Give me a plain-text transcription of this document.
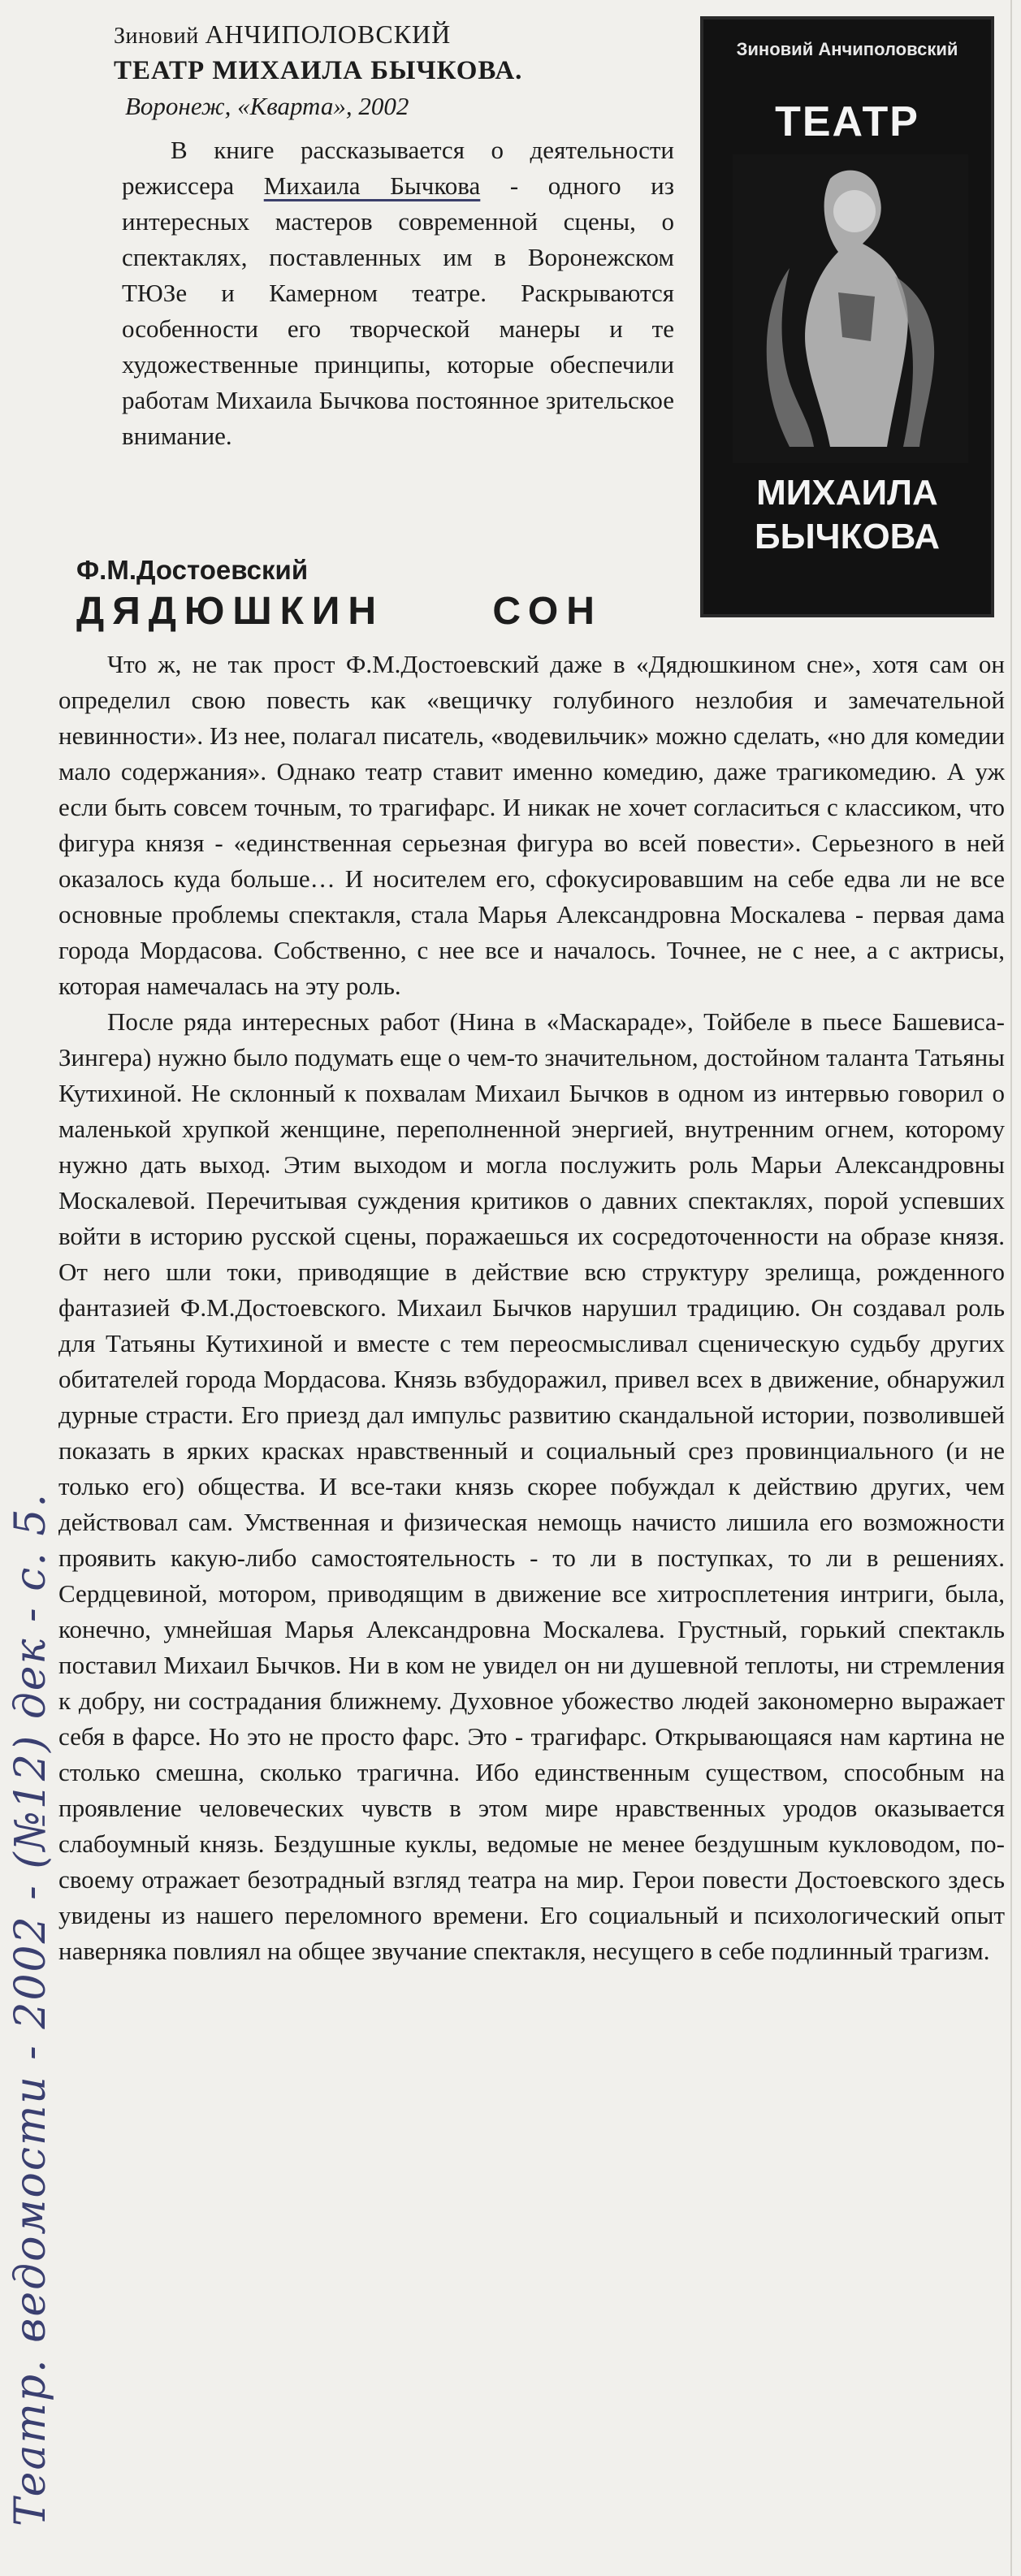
Зиновий АНЧИПОЛОВСКИЙ
ТЕАТР МИХАИЛА БЫЧКОВА.
Воронеж, «Кварта», 2002

В книге рассказывается о деятельности режиссера Михаила Бычкова - одного из интересных мастеров современной сцены, о спектаклях, поставленных им в Воронежском ТЮЗе и Камерном театре. Раскрываются особенности его творческой манеры и те художественные принципы, которые обеспечили работам Михаила Бычкова постоянное зрительское внимание.

Зиновий Анчиполовский
ТЕАТР
МИХАИЛА
БЫЧКОВА
Ф.М.Достоевский
ДЯДЮШКИН СОН

Что ж, не так прост Ф.М.Достоевский даже в «Дядюшкином сне», хотя сам он определил свою повесть как «вещичку голубиного незлобия и замечательной невинности». Из нее, полагал писатель, «водевильчик» можно сделать, «но для комедии мало содержания». Однако театр ставит именно комедию, даже трагикомедию. А уж если быть совсем точным, то трагифарс. И никак не хочет согласиться с классиком, что фигура князя - «единственная серьезная фигура во всей повести». Серьезного в ней оказалось куда больше… И носителем его, сфокусировавшим на себе едва ли не все основные проблемы спектакля, стала Марья Александровна Москалева - первая дама города Мордасова. Собственно, с нее все и началось. Точнее, не с нее, а с актрисы, которая намечалась на эту роль.

После ряда интересных работ (Нина в «Маскараде», Тойбеле в пьесе Башевиса-Зингера) нужно было подумать еще о чем-то значительном, достойном таланта Татьяны Кутихиной. Не склонный к похвалам Михаил Бычков в одном из интервью говорил о маленькой хрупкой женщине, переполненной энергией, внутренним огнем, которому нужно дать выход. Этим выходом и могла послужить роль Марьи Александровны Москалевой. Перечитывая суждения критиков о давних спектаклях, порой успевших войти в историю русской сцены, поражаешься их сосредоточенности на образе князя. От него шли токи, приводящие в действие всю структуру зрелища, рожденного фантазией Ф.М.Достоевского. Михаил Бычков нарушил традицию. Он создавал роль для Татьяны Кутихиной и вместе с тем переосмысливал сценическую судьбу других обитателей города Мордасова. Князь взбудоражил, привел всех в движение, обнаружил дурные страсти. Его приезд дал импульс развитию скандальной истории, позволившей показать в ярких красках нравственный и социальный срез провинциального (и не только его) общества. И все-таки князь скорее побуждал к действию других, чем действовал сам. Умственная и физическая немощь начисто лишила его возможности проявить какую-либо самостоятельность - то ли в поступках, то ли в решениях. Сердцевиной, мотором, приводящим в движение все хитросплетения интриги, была, конечно, умнейшая Марья Александровна Москалева. Грустный, горький спектакль поставил Михаил Бычков. Ни в ком не увидел он ни душевной теплоты, ни стремления к добру, ни сострадания ближнему. Духовное убожество людей закономерно выражает себя в фарсе. Но это не просто фарс. Это - трагифарс. Открывающаяся нам картина не столько смешна, сколько трагична. Ибо единственным существом, способным на проявление человеческих чувств в этом мире нравственных уродов оказывается слабоумный князь. Бездушные куклы, ведомые не менее бездушным кукловодом, по-своему отражает безотрадный взгляд театра на мир. Герои повести Достоевского здесь увидены из нашего переломного времени. Его социальный и психологический опыт наверняка повлиял на общее звучание спектакля, несущего в себе подлинный трагизм.

Театр. ведомости - 2002 - (№12) дек - с. 5.
